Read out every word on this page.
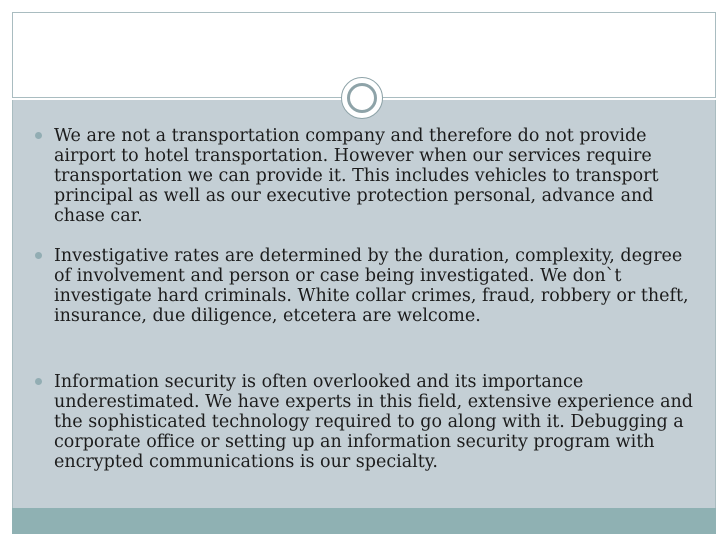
We are not a transportation company and therefore do not provide airport to hotel transportation. However when our services require transportation we can provide it. This includes vehicles to transport principal as well as our executive protection personal, advance and chase car.
Investigative rates are determined by the duration, complexity, degree of involvement and person or case being investigated. We don`t investigate hard criminals. White collar crimes, fraud, robbery or theft, insurance, due diligence, etcetera are welcome.
Information security is often overlooked and its importance underestimated. We have experts in this field, extensive experience and the sophisticated technology required to go along with it. Debugging a corporate office or setting up an information security program with encrypted communications is our specialty.
